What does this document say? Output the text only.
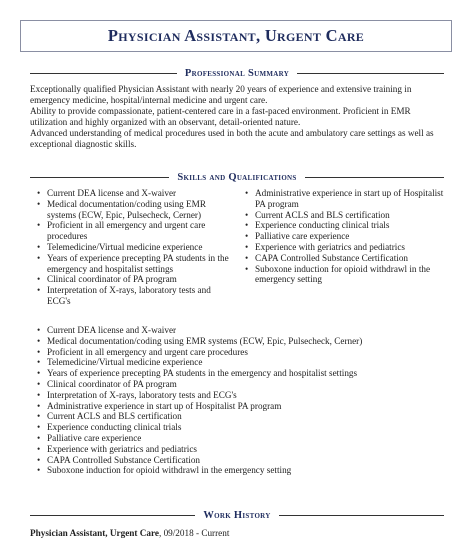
Physician Assistant, Urgent Care
Professional Summary

Exceptionally qualified Physician Assistant with nearly 20 years of experience and extensive training in emergency medicine, hospital/internal medicine and urgent care.

Ability to provide compassionate, patient-centered care in a fast-paced environment. Proficient in EMR utilization and highly organized with an observant, detail-oriented nature.

Advanced understanding of medical procedures used in both the acute and ambulatory care settings as well as exceptional diagnostic skills.

Skills and Qualifications
• Current DEA license and X-waiver
• Medical documentation/coding using EMR systems (ECW, Epic, Pulsecheck, Cerner)
• Proficient in all emergency and urgent care procedures
• Telemedicine/Virtual medicine experience
• Years of experience precepting PA students in the emergency and hospitalist settings
• Clinical coordinator of PA program
• Interpretation of X-rays, laboratory tests and ECG's
• Administrative experience in start up of Hospitalist PA program
• Current ACLS and BLS certification
• Experience conducting clinical trials
• Palliative care experience
• Experience with geriatrics and pediatrics
• CAPA Controlled Substance Certification
• Suboxone induction for opioid withdrawl in the emergency setting
• Current DEA license and X-waiver
• Medical documentation/coding using EMR systems (ECW, Epic, Pulsecheck, Cerner)
• Proficient in all emergency and urgent care procedures
• Telemedicine/Virtual medicine experience
• Years of experience precepting PA students in the emergency and hospitalist settings
• Clinical coordinator of PA program
• Interpretation of X-rays, laboratory tests and ECG's
• Administrative experience in start up of Hospitalist PA program
• Current ACLS and BLS certification
• Experience conducting clinical trials
• Palliative care experience
• Experience with geriatrics and pediatrics
• CAPA Controlled Substance Certification
• Suboxone induction for opioid withdrawl in the emergency setting
Work History
Physician Assistant, Urgent Care, 09/2018 - Current
